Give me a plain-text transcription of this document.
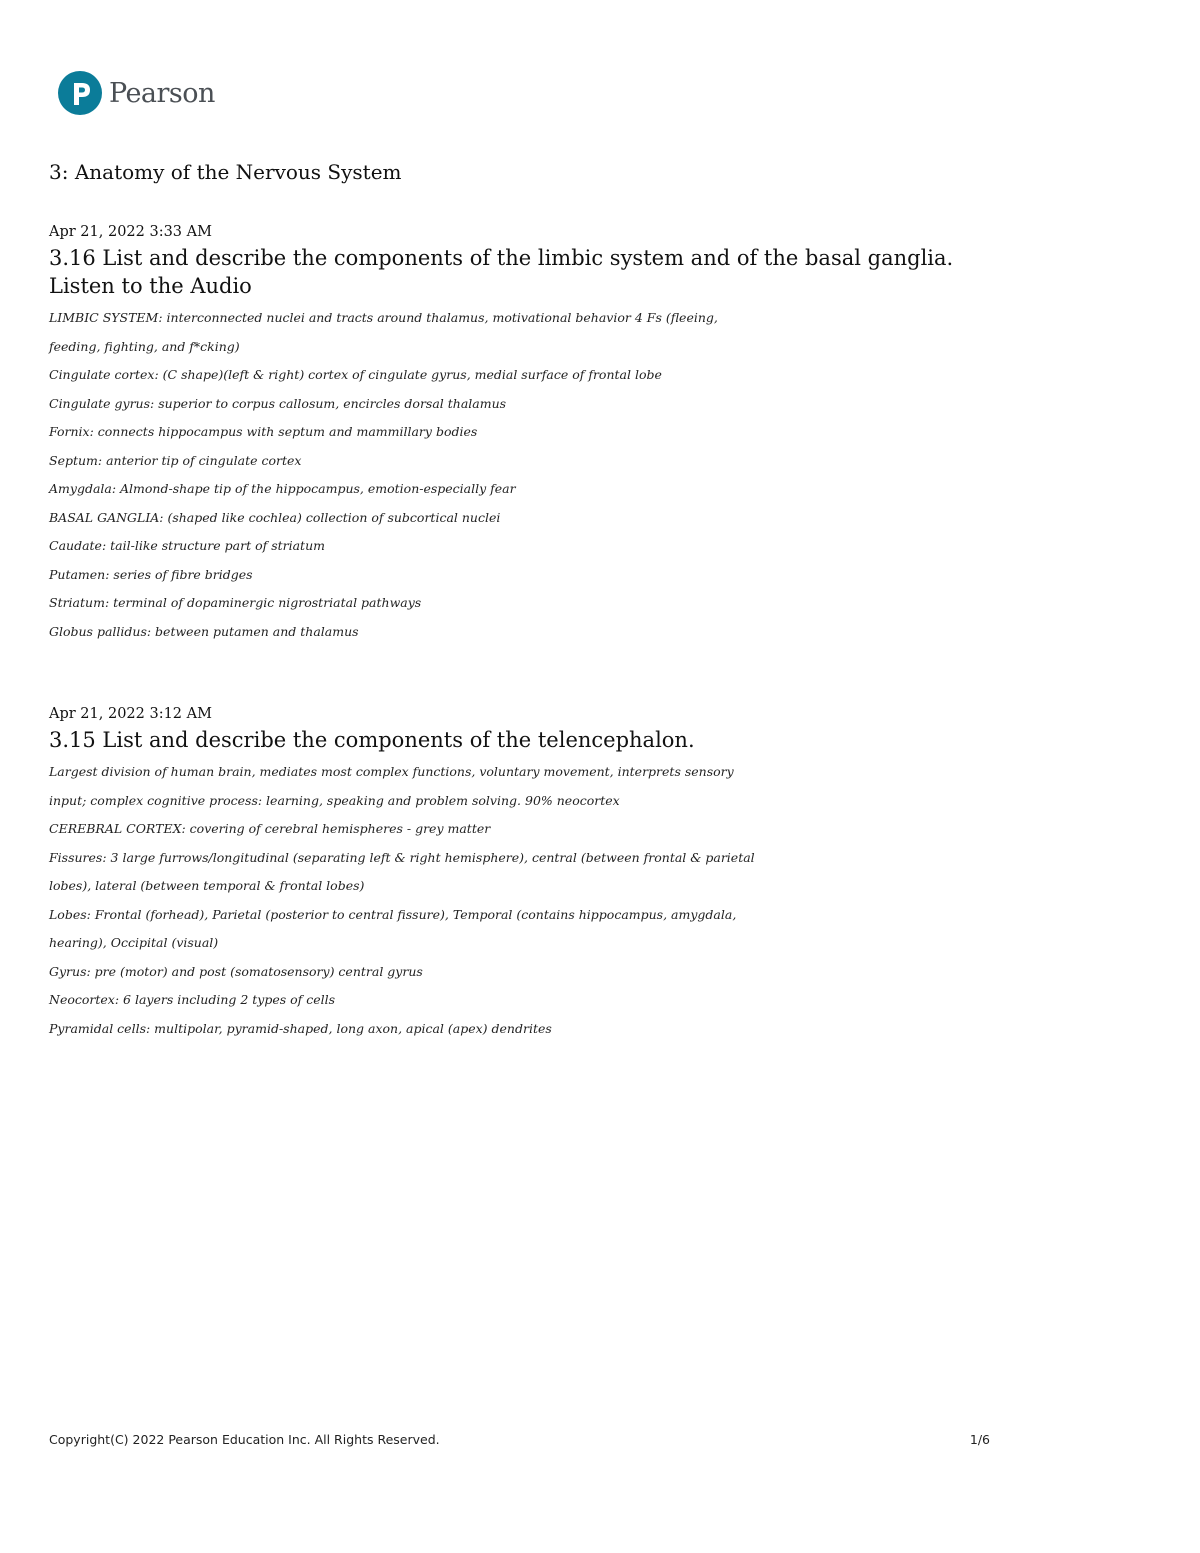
Pearson
3: Anatomy of the Nervous System

Apr 21, 2022 3:33 AM

3.16 List and describe the components of the limbic system and of the basal ganglia.
Listen to the Audio
LIMBIC SYSTEM: interconnected nuclei and tracts around thalamus, motivational behavior 4 Fs (fleeing,
feeding, fighting, and f*cking)
Cingulate cortex: (C shape)(left & right) cortex of cingulate gyrus, medial surface of frontal lobe
Cingulate gyrus: superior to corpus callosum, encircles dorsal thalamus
Fornix: connects hippocampus with septum and mammillary bodies
Septum: anterior tip of cingulate cortex
Amygdala: Almond-shape tip of the hippocampus, emotion-especially fear
BASAL GANGLIA: (shaped like cochlea) collection of subcortical nuclei
Caudate: tail-like structure part of striatum
Putamen: series of fibre bridges
Striatum: terminal of dopaminergic nigrostriatal pathways
Globus pallidus: between putamen and thalamus

Apr 21, 2022 3:12 AM

3.15 List and describe the components of the telencephalon.
Largest division of human brain, mediates most complex functions, voluntary movement, interprets sensory
input; complex cognitive process: learning, speaking and problem solving. 90% neocortex
CEREBRAL CORTEX: covering of cerebral hemispheres - grey matter
Fissures: 3 large furrows/longitudinal (separating left & right hemisphere), central (between frontal & parietal
lobes), lateral (between temporal & frontal lobes)
Lobes: Frontal (forhead), Parietal (posterior to central fissure), Temporal (contains hippocampus, amygdala,
hearing), Occipital (visual)
Gyrus: pre (motor) and post (somatosensory) central gyrus
Neocortex: 6 layers including 2 types of cells
Pyramidal cells: multipolar, pyramid-shaped, long axon, apical (apex) dendrites
Copyright(C) 2022 Pearson Education Inc. All Rights Reserved.	1/6
